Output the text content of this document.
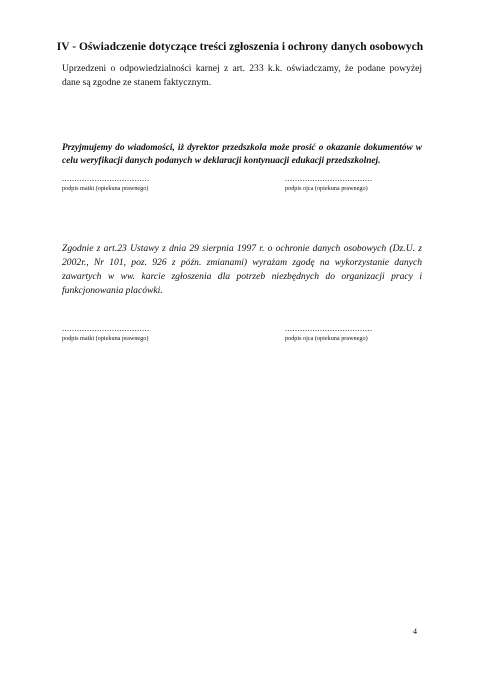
IV - Oświadczenie dotyczące treści zgłoszenia i ochrony danych osobowych
Uprzedzeni o odpowiedzialności karnej z art. 233 k.k. oświadczamy, że podane powyżej dane są zgodne ze stanem faktycznym.
Przyjmujemy do wiadomości, iż dyrektor przedszkola może prosić o okazanie dokumentów w celu weryfikacji danych podanych w deklaracji kontynuacji edukacji przedszkolnej.
...................................
podpis matki (opiekuna prawnego)
...................................
podpis ojca (opiekuna prawnego)
Zgodnie z art.23 Ustawy z dnia 29 sierpnia 1997 r. o ochronie danych osobowych (Dz.U. z 2002r., Nr 101, poz. 926 z późn. zmianami) wyrażam zgodę na wykorzystanie danych zawartych w ww. karcie zgłoszenia dla potrzeb niezbędnych do organizacji pracy i funkcjonowania placówki.
...................................
podpis matki (opiekuna prawnego)
...................................
podpis ojca (opiekuna prawnego)
4
